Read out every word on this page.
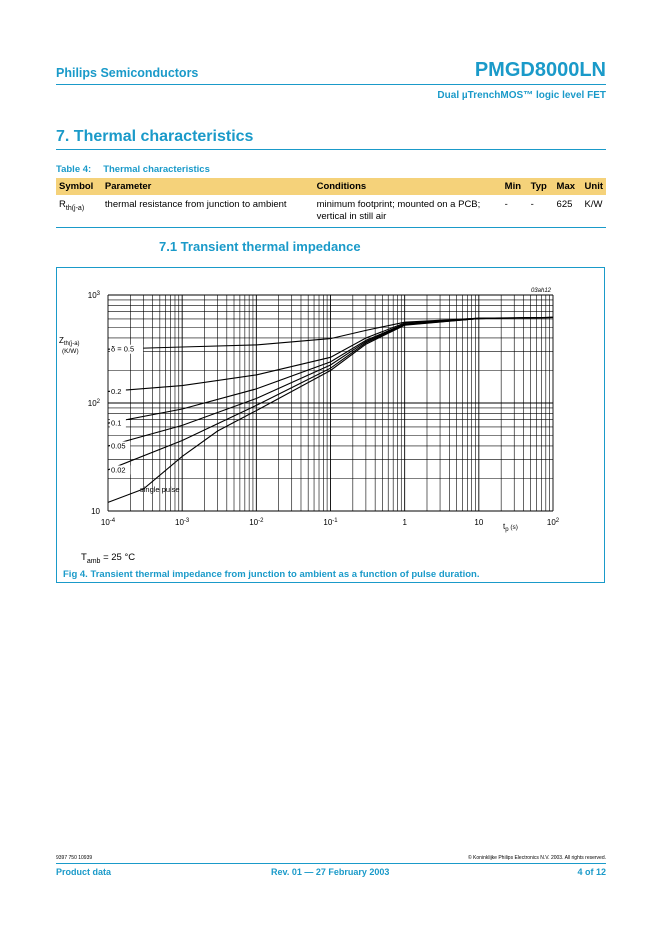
Philips Semiconductors	PMGD8000LN
Dual µTrenchMOS™ logic level FET
7. Thermal characteristics
Table 4: Thermal characteristics
Symbol	Parameter	Conditions	Min	Typ	Max	Unit
$R_{th(j-a)}$	thermal resistance from junction to ambient	minimum footprint; mounted on a PCB;
vertical in still air	-	-	625	K/W
7.1 Transient thermal impedance
δ = 0.5
0.2
0.1
0.05
0.02
single pulse
03ah12
$10^{-4}$	$10^{-3}$	$10^{-2}$	$10^{-1}$	1	10	$10^2$
$10^3$
$10^2$
10
$Z_{th(j-a)}$
(K/W)
$t_p$ $^{(s)}$
$T_{amb} = 25$ °C
Fig 4. Transient thermal impedance from junction to ambient as a function of pulse duration.
9397 750 10939	© Koninklijke Philips Electronics N.V. 2003. All rights reserved.
Product data	Rev. 01 — 27 February 2003	4 of 12
